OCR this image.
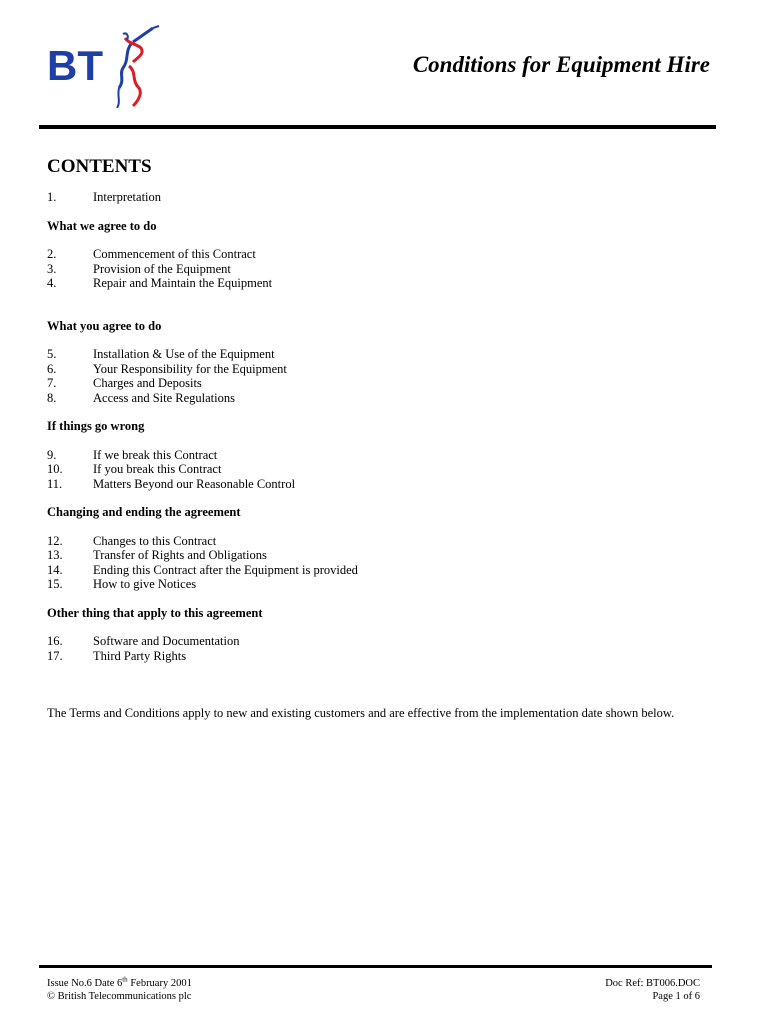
BT	Conditions for Equipment Hire
CONTENTS
1.	Interpretation
What we agree to do
2.	Commencement of this Contract
3.	Provision of the Equipment
4.	Repair and Maintain the Equipment
What you agree to do
5.	Installation & Use of the Equipment
6.	Your Responsibility for the Equipment
7.	Charges and Deposits
8.	Access and Site Regulations
If things go wrong
9.	If we break this Contract
10.	If you break this Contract
11.	Matters Beyond our Reasonable Control
Changing and ending the agreement
12.	Changes to this Contract
13.	Transfer of Rights and Obligations
14.	Ending this Contract after the Equipment is provided
15.	How to give Notices
Other thing that apply to this agreement
16.	Software and Documentation
17.	Third Party Rights
The Terms and Conditions apply to new and existing customers and are effective from the implementation date shown below.
Issue No.6 Date 6th February 2001
© British Telecommunications plc
Doc Ref: BT006.DOC
Page 1 of 6
